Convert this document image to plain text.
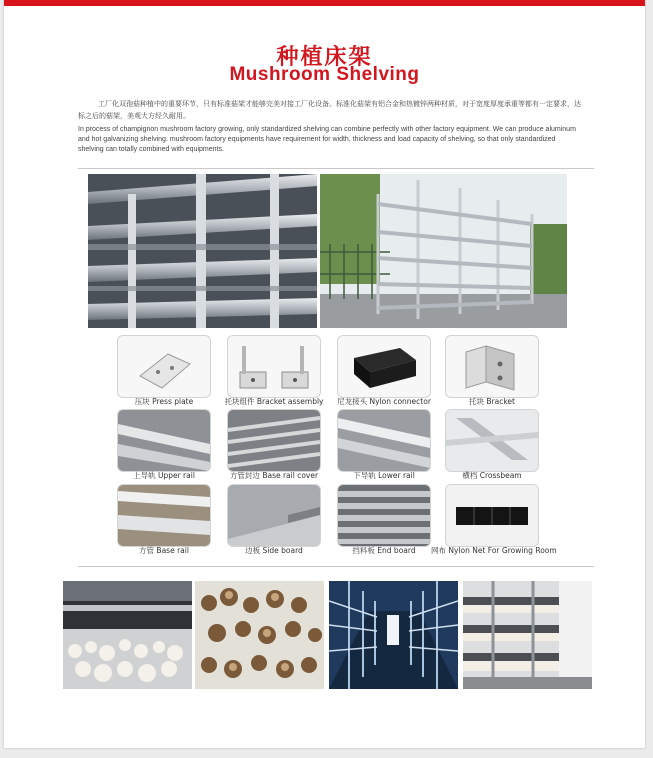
种植床架
Mushroom Shelving
工厂化双孢菇种植中的重要环节，只有标准菇架才能够完美对接工厂化设备。标准化菇架有铝合金和热镀锌两种材质，对于宽度厚度承重等都有一定要求，达标之后的菇架，美观大方经久耐用。
In process of champignon mushroom factory growing, only standardized shelving can combine perfectly with other factory equipment. We can produce aluminum and hot galvanizing shelving. mushroom factory equipments have requirement for width, thickness and load capacity of shelving, so that only standardized shelving can totally combined with equipments.
压块 Press plate	托块组件 Bracket assembly	尼龙接头 Nylon connector	托块 Bracket
上导轨 Upper rail	方管封边 Base rail cover	下导轨 Lower rail	横档 Crossbeam
方管 Base rail	边板 Side board	挡料板 End board	网布 Nylon Net For Growing Room
